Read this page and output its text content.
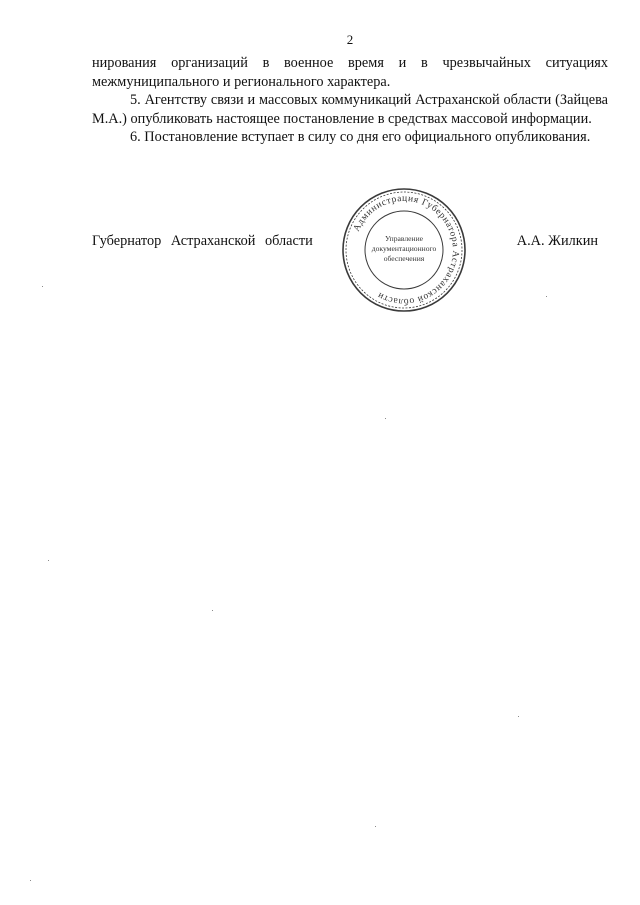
2

нирования организаций в военное время и в чрезвычайных ситуациях межмуниципального и регионального характера.

5. Агентству связи и массовых коммуникаций Астраханской области (Зайцева М.А.) опубликовать настоящее постановление в средствах массовой информации.

6. Постановление вступает в силу со дня его официального опубликования.

Губернатор Астраханской области	А.А. Жилкин
Администрация Губернатора Астраханской области
Управление
документационного
обеспечения
